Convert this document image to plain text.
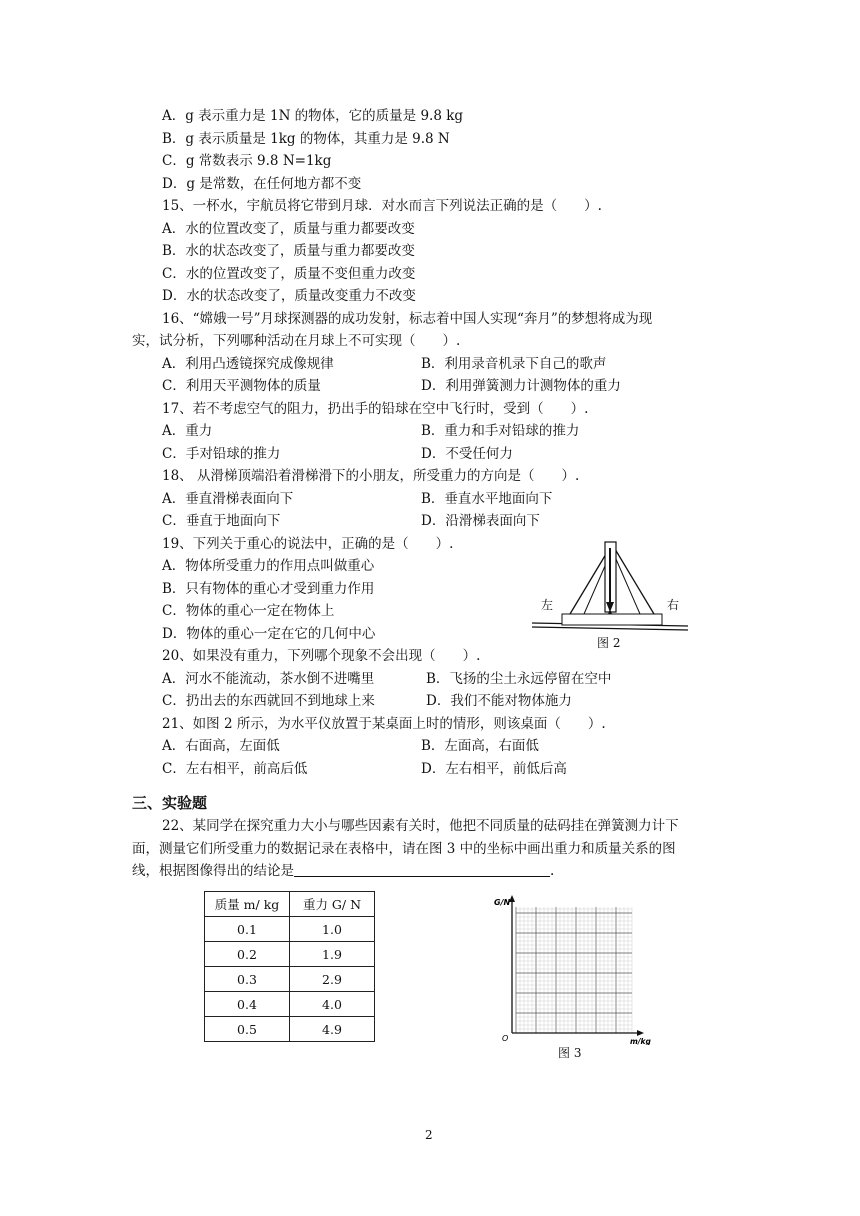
A．g 表示重力是 1N 的物体，它的质量是 9.8 kg
B．g 表示质量是 1kg 的物体，其重力是 9.8 N
C．g 常数表示 9.8 N=1kg
D．g 是常数，在任何地方都不变
15、一杯水，宇航员将它带到月球．对水而言下列说法正确的是（　　）.
A．水的位置改变了，质量与重力都要改变
B．水的状态改变了，质量与重力都要改变
C．水的位置改变了，质量不变但重力改变
D．水的状态改变了，质量改变重力不改变
16、“嫦娥一号”月球探测器的成功发射，标志着中国人实现“奔月”的梦想将成为现
实，试分析，下列哪种活动在月球上不可实现（　　）.
A．利用凸透镜探究成像规律	B．利用录音机录下自己的歌声
C．利用天平测物体的质量	D．利用弹簧测力计测物体的重力
17、若不考虑空气的阻力，扔出手的铅球在空中飞行时，受到（　　）.
A．重力	B．重力和手对铅球的推力
C．手对铅球的推力	D．不受任何力
18、 从滑梯顶端沿着滑梯滑下的小朋友，所受重力的方向是（　　）.
A．垂直滑梯表面向下	B．垂直水平地面向下
C．垂直于地面向下	D．沿滑梯表面向下
19、下列关于重心的说法中，正确的是（　　）.
A．物体所受重力的作用点叫做重心
B．只有物体的重心才受到重力作用
C．物体的重心一定在物体上
D．物体的重心一定在它的几何中心
20、如果没有重力，下列哪个现象不会出现（　　）.
A．河水不能流动，茶水倒不进嘴里	B．飞扬的尘土永远停留在空中
C．扔出去的东西就回不到地球上来	D．我们不能对物体施力
21、如图 2 所示，为水平仪放置于某桌面上时的情形，则该桌面（　　）.
A．右面高，左面低	B．左面高，右面低
C．左右相平，前高后低	D．左右相平，前低后高
三、实验题
22、某同学在探究重力大小与哪些因素有关时，他把不同质量的砝码挂在弹簧测力计下
面，测量它们所受重力的数据记录在表格中，请在图 3 中的坐标中画出重力和质量关系的图
线，根据图像得出的结论是	.
左	右
图 2
质量 m/ kg	重力 G/ N
0.1	1.0
0.2	1.9
0.3	2.9
0.4	4.0
0.5	4.9
G/N
O	m/kg
图 3
2
